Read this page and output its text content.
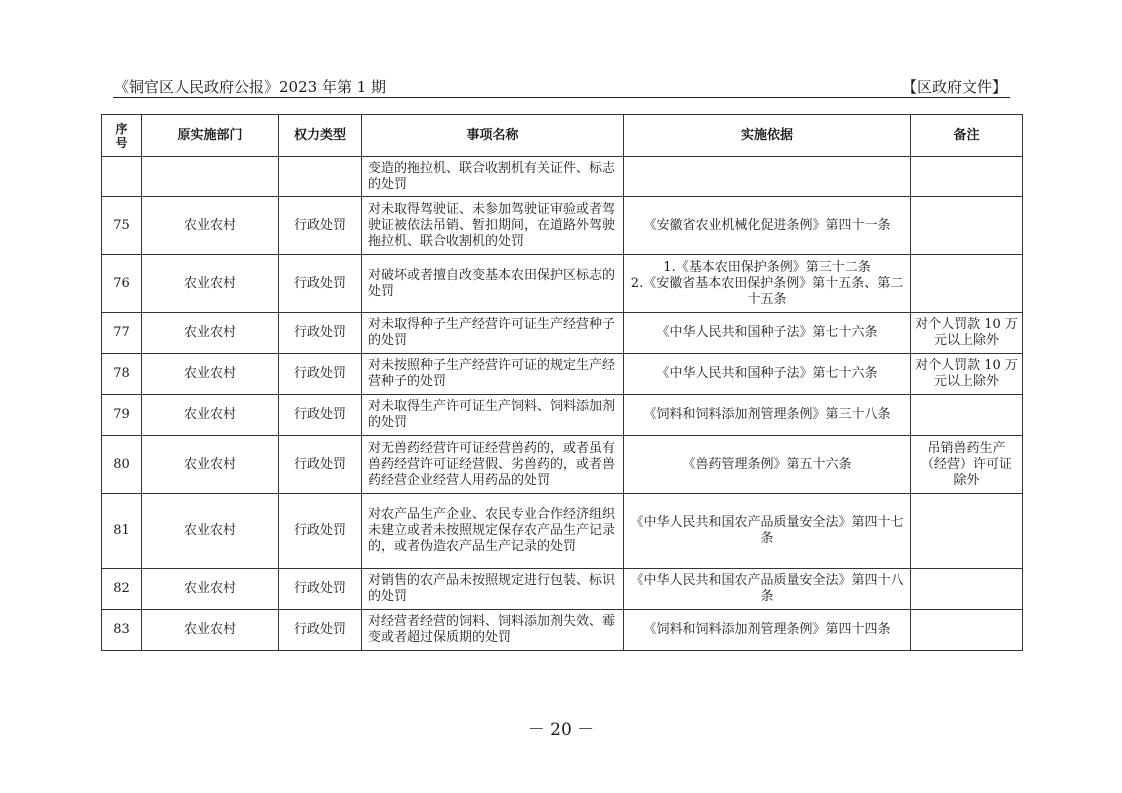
《铜官区人民政府公报》2023 年第 1 期	【区政府文件】
序
号	原实施部门	权力类型	事项名称	实施依据	备注
			变造的拖拉机、联合收割机有关证件、标志的处罚	

75	农业农村	行政处罚	对未取得驾驶证、未参加驾驶证审验或者驾驶证被依法吊销、暂扣期间，在道路外驾驶拖拉机、联合收割机的处罚	《安徽省农业机械化促进条例》第四十一条	

76	农业农村	行政处罚	对破坏或者擅自改变基本农田保护区标志的处罚	1.《基本农田保护条例》第三十二条
2.《安徽省基本农田保护条例》第十五条、第二十五条	

77	农业农村	行政处罚	对未取得种子生产经营许可证生产经营种子的处罚	《中华人民共和国种子法》第七十六条	对个人罚款 10 万元以上除外
78	农业农村	行政处罚	对未按照种子生产经营许可证的规定生产经营种子的处罚	《中华人民共和国种子法》第七十六条	对个人罚款 10 万元以上除外
79	农业农村	行政处罚	对未取得生产许可证生产饲料、饲料添加剂的处罚	《饲料和饲料添加剂管理条例》第三十八条	

80	农业农村	行政处罚	对无兽药经营许可证经营兽药的，或者虽有兽药经营许可证经营假、劣兽药的，或者兽药经营企业经营人用药品的处罚	《兽药管理条例》第五十六条	吊销兽药生产（经营）许可证除外
81	农业农村	行政处罚	对农产品生产企业、农民专业合作经济组织未建立或者未按照规定保存农产品生产记录的，或者伪造农产品生产记录的处罚	《中华人民共和国农产品质量安全法》第四十七条	

82	农业农村	行政处罚	对销售的农产品未按照规定进行包装、标识的处罚	《中华人民共和国农产品质量安全法》第四十八条	

83	农业农村	行政处罚	对经营者经营的饲料、饲料添加剂失效、霉变或者超过保质期的处罚	《饲料和饲料添加剂管理条例》第四十四条	

－ 20 －
